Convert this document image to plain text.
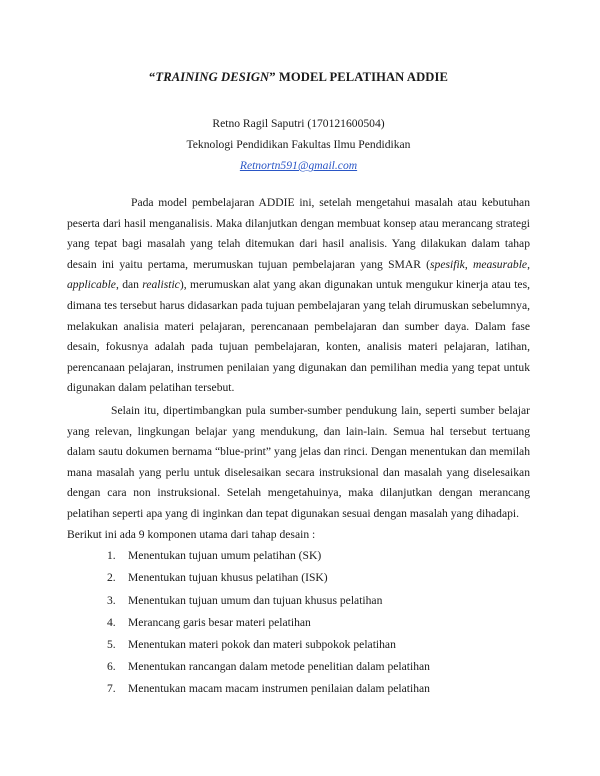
“TRAINING DESIGN” MODEL PELATIHAN ADDIE
Retno Ragil Saputri (170121600504)
Teknologi Pendidikan Fakultas Ilmu Pendidikan
Retnortn591@gmail.com

Pada model pembelajaran ADDIE ini, setelah mengetahui masalah atau kebutuhan peserta dari hasil menganalisis. Maka dilanjutkan dengan membuat konsep atau merancang strategi yang tepat bagi masalah yang telah ditemukan dari hasil analisis. Yang dilakukan dalam tahap desain ini yaitu pertama, merumuskan tujuan pembelajaran yang SMAR (spesifik, measurable, applicable, dan realistic), merumuskan alat yang akan digunakan untuk mengukur kinerja atau tes, dimana tes tersebut harus didasarkan pada tujuan pembelajaran yang telah dirumuskan sebelumnya, melakukan analisia materi pelajaran, perencanaan pembelajaran dan sumber daya. Dalam fase desain, fokusnya adalah pada tujuan pembelajaran, konten, analisis materi pelajaran, latihan, perencanaan pelajaran, instrumen penilaian yang digunakan dan pemilihan media yang tepat untuk digunakan dalam pelatihan tersebut.

Selain itu, dipertimbangkan pula sumber-sumber pendukung lain, seperti sumber belajar yang relevan, lingkungan belajar yang mendukung, dan lain-lain. Semua hal tersebut tertuang dalam sautu dokumen bernama “blue-print” yang jelas dan rinci. Dengan menentukan dan memilah mana masalah yang perlu untuk diselesaikan secara instruksional dan masalah yang diselesaikan dengan cara non instruksional. Setelah mengetahuinya, maka dilanjutkan dengan merancang pelatihan seperti apa yang di inginkan dan tepat digunakan sesuai dengan masalah yang dihadapi.

Berikut ini ada 9 komponen utama dari tahap desain :

1. Menentukan tujuan umum pelatihan (SK)
2. Menentukan tujuan khusus pelatihan (ISK)
3. Menentukan tujuan umum dan tujuan khusus pelatihan
4. Merancang garis besar materi pelatihan
5. Menentukan materi pokok dan materi subpokok pelatihan
6. Menentukan rancangan dalam metode penelitian dalam pelatihan
7. Menentukan macam macam instrumen penilaian dalam pelatihan
